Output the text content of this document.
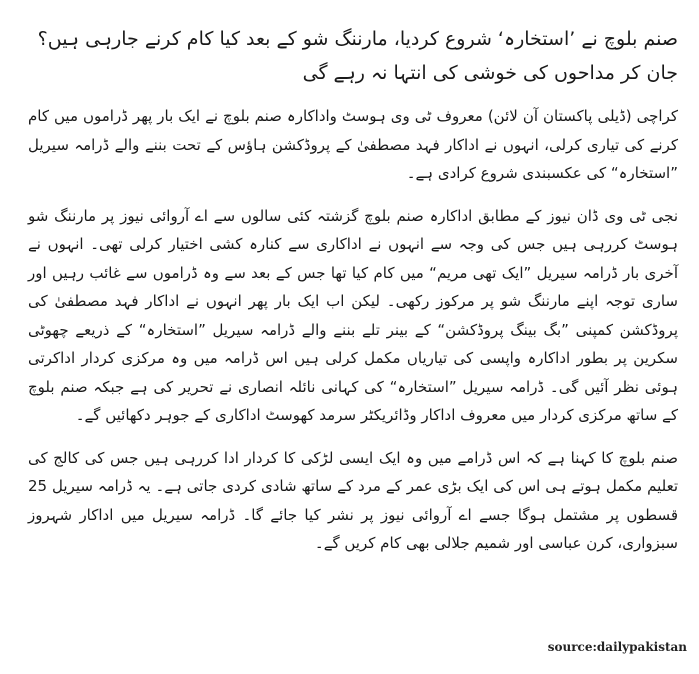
صنم بلوچ نے ’استخارہ‘ شروع کردیا، مارننگ شو کے بعد کیا کام کرنے جارہی ہیں؟ جان کر مداحوں کی خوشی کی انتہا نہ رہے گی

کراچی (ڈیلی پاکستان آن لائن) معروف ٹی وی ہوسٹ واداکارہ صنم بلوچ نے ایک بار پھر ڈراموں میں کام کرنے کی تیاری کرلی، انہوں نے اداکار فہد مصطفیٰ کے پروڈکشن ہاؤس کے تحت بننے والے ڈرامہ سیریل ”استخارہ“ کی عکسبندی شروع کرادی ہے۔

نجی ٹی وی ڈان نیوز کے مطابق اداکارہ صنم بلوچ گزشتہ کئی سالوں سے اے آروائی نیوز پر مارننگ شو ہوسٹ کررہی ہیں جس کی وجہ سے انہوں نے اداکاری سے کنارہ کشی اختیار کرلی تھی۔ انہوں نے آخری بار ڈرامہ سیریل ”ایک تھی مریم“ میں کام کیا تھا جس کے بعد سے وہ ڈراموں سے غائب رہیں اور ساری توجہ اپنے مارننگ شو پر مرکوز رکھی۔ لیکن اب ایک بار پھر انہوں نے اداکار فہد مصطفیٰ کی پروڈکشن کمپنی ”بگ بینگ پروڈکشن“ کے بینر تلے بننے والے ڈرامہ سیریل ”استخارہ“ کے ذریعے چھوٹی سکرین پر بطور اداکارہ واپسی کی تیاریاں مکمل کرلی ہیں اس ڈرامہ میں وہ مرکزی کردار اداکرتی ہوئی نظر آئیں گی۔ ڈرامہ سیریل ”استخارہ“ کی کہانی نائلہ انصاری نے تحریر کی ہے جبکہ صنم بلوچ کے ساتھ مرکزی کردار میں معروف اداکار وڈائریکٹر سرمد کھوسٹ اداکاری کے جوہر دکھائیں گے۔

صنم بلوچ کا کہنا ہے کہ اس ڈرامے میں وہ ایک ایسی لڑکی کا کردار ادا کررہی ہیں جس کی کالج کی تعلیم مکمل ہوتے ہی اس کی ایک بڑی عمر کے مرد کے ساتھ شادی کردی جاتی ہے۔ یہ ڈرامہ سیریل 25 قسطوں پر مشتمل ہوگا جسے اے آروائی نیوز پر نشر کیا جائے گا۔ ڈرامہ سیریل میں اداکار شہروز سبزواری، کرن عباسی اور شمیم جلالی بھی کام کریں گے۔

source:dailypakistan
